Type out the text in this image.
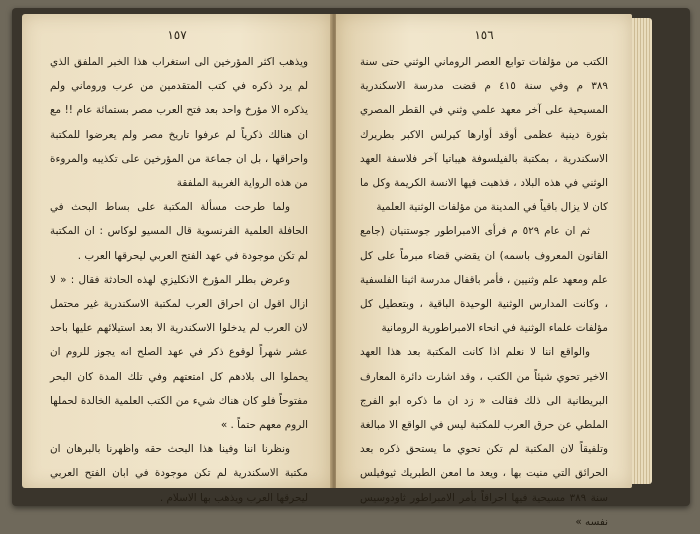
١٥٧

ويذهب اكثر المؤرخين الى استغراب هذا الخبر الملفق الذي لم يرد ذكره في كتب المتقدمين من عرب وروماني ولم يذكره الا مؤرخ واحد بعد فتح العرب مصر بستمائة عام !! مع ان هنالك ذكرياً لم عرفوا تاريخ مصر ولم يعرضوا للمكتبة واحراقها ، بل ان جماعة من المؤرخين على تكذيبه والمروءة من هذه الرواية الغريبة الملفقة

ولما طرحت مسألة المكتبة على بساط البحث في الحافلة العلمية الفرنسوية قال المسيو لوكاس : ان المكتبة لم تكن موجودة في عهد الفتح العربي ليحرقها العرب .

وعرض بطلر المؤرخ الانكليزي لهذه الحادثة فقال : « لا ازال اقول ان احراق العرب لمكتبة الاسكندرية غير محتمل لان العرب لم يدخلوا الاسكندرية الا بعد استيلائهم عليها باحد عشر شهراً لوقوع ذكر في عهد الصلح انه يجوز للروم ان يحملوا الى بلادهم كل امتعتهم وفي تلك المدة كان البحر مفتوحاً فلو كان هناك شيء من الكتب العلمية الخالدة لحملها الروم معهم حتماً . »

ونظرنا اننا وفينا هذا البحث حقه واظهرنا بالبرهان ان مكتبة الاسكندرية لم تكن موجودة في ابان الفتح العربي ليحرقها العرب ويذهب بها الاسلام .

١٥٦

الكتب من مؤلفات توابع العصر الروماني الوثني حتى سنة ٣٨٩ م وفي سنة ٤١٥ م قضت مدرسة الاسكندرية المسيحية على آخر معهد علمي وثني في القطر المصري بثورة دينية عظمى أوقد أوارها كيرلس الاكبر بطريرك الاسكندرية ، بمكتبة بالفيلسوفة هيباتيا آخر فلاسفة العهد الوثني في هذه البلاد ، فذهبت فيها الانسة الكريمة وكل ما كان لا يزال باقياً في المدينة من مؤلفات الوثنية العلمية

ثم ان عام ٥٢٩ م فرأى الامبراطور جوستنيان (جامع القانون المعروف باسمه) ان يقضي قضاء مبرماً على كل علم ومعهد علم وثنيين ، فأمر باقفال مدرسة اثينا الفلسفية ، وكانت المدارس الوثنية الوحيدة الباقية ، وبتعطيل كل مؤلفات علماء الوثنية في انحاء الامبراطورية الرومانية

والواقع اننا لا نعلم اذا كانت المكتبة بعد هذا العهد الاخير تحوي شيئاً من الكتب ، وقد اشارت دائرة المعارف البريطانية الى ذلك فقالت « زد ان ما ذكره ابو الفرج الملطي عن حرق العرب للمكتبة ليس في الواقع الا مبالغة وتلفيقاً لان المكتبة لم تكن تحوي ما يستحق ذكره بعد الحرائق التي منيت بها ، ويعد ما امعن الطبريك ثيوفيلس سنة ٣٨٩ مسيحية فيها احراقاً بأمر الامبراطور ثاودوسيس نفسه »
